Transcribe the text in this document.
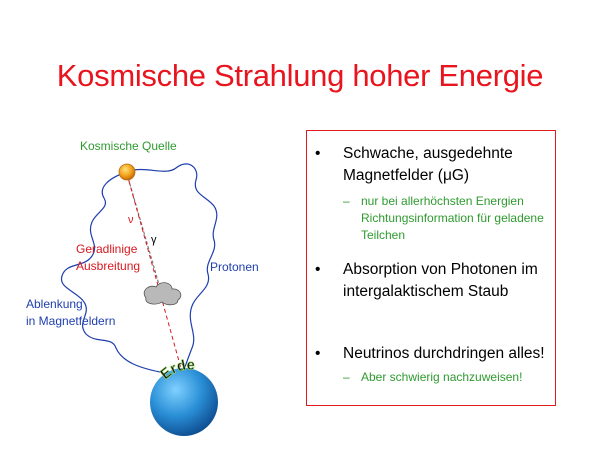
Kosmische Strahlung hoher Energie
Erde
Kosmische Quelle
ν
γ
Geradlinige
Ausbreitung	Protonen
Ablenkung
in Magnetfeldern
• Schwache, ausgedehnte Magnetfelder (μG)
– nur bei allerhöchsten Energien Richtungsinformation für geladene Teilchen
• Absorption von Photonen im intergalaktischem Staub
• Neutrinos durchdringen alles!
– Aber schwierig nachzuweisen!
